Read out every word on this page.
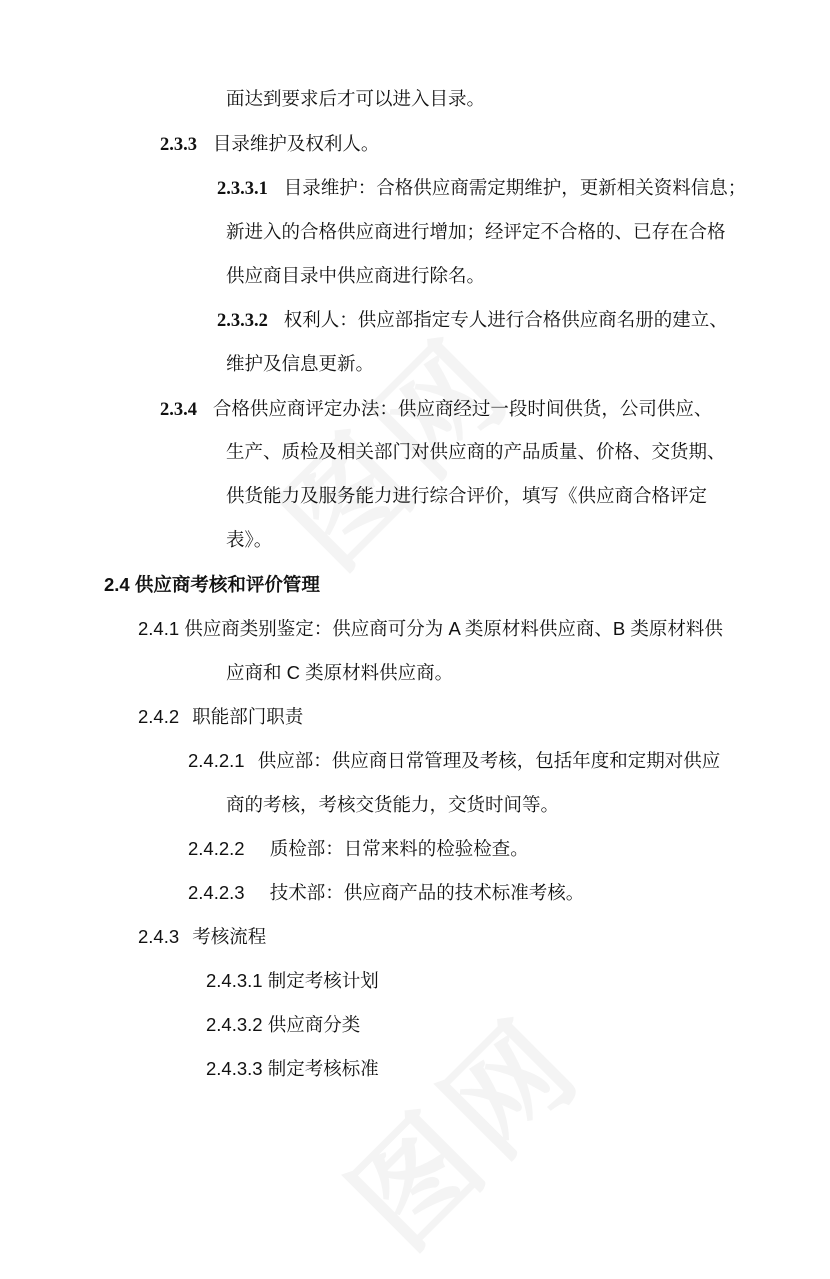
面达到要求后才可以进入目录。
2.3.3 目录维护及权利人。
2.3.3.1 目录维护：合格供应商需定期维护，更新相关资料信息；
新进入的合格供应商进行增加；经评定不合格的、已存在合格
供应商目录中供应商进行除名。
2.3.3.2 权利人：供应部指定专人进行合格供应商名册的建立、
维护及信息更新。
2.3.4 合格供应商评定办法：供应商经过一段时间供货，公司供应、
生产、质检及相关部门对供应商的产品质量、价格、交货期、
供货能力及服务能力进行综合评价，填写《供应商合格评定
表》。
2.4 供应商考核和评价管理
2.4.1 供应商类别鉴定：供应商可分为 A 类原材料供应商、B 类原材料供
应商和 C 类原材料供应商。
2.4.2 职能部门职责
2.4.2.1 供应部：供应商日常管理及考核，包括年度和定期对供应
商的考核，考核交货能力，交货时间等。
2.4.2.2 质检部：日常来料的检验检查。
2.4.2.3 技术部：供应商产品的技术标准考核。
2.4.3 考核流程
2.4.3.1 制定考核计划
2.4.3.2 供应商分类
2.4.3.3 制定考核标准
